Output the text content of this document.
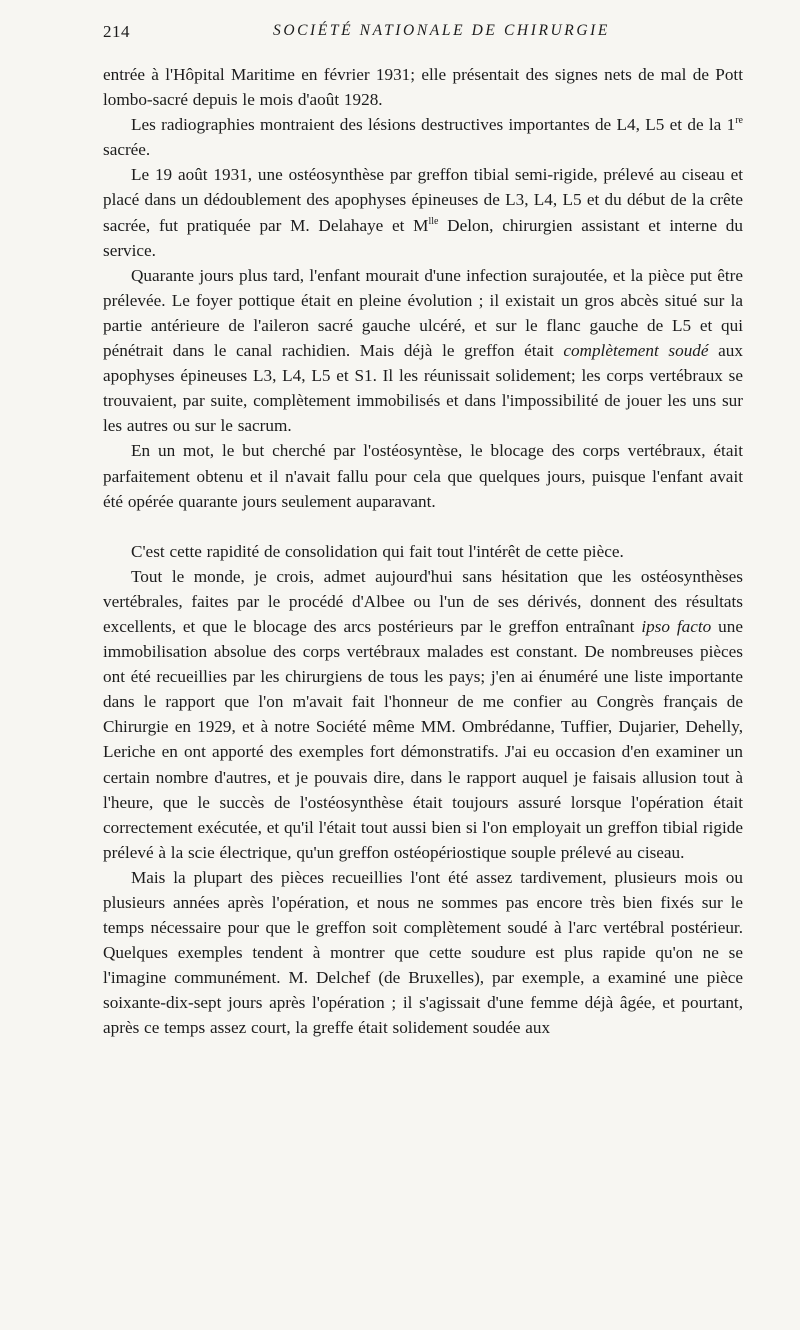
214	SOCIÉTÉ NATIONALE DE CHIRURGIE

entrée à l'Hôpital Maritime en février 1931; elle présentait des signes nets de mal de Pott lombo-sacré depuis le mois d'août 1928.

Les radiographies montraient des lésions destructives importantes de L4, L5 et de la 1re sacrée.

Le 19 août 1931, une ostéosynthèse par greffon tibial semi-rigide, prélevé au ciseau et placé dans un dédoublement des apophyses épineuses de L3, L4, L5 et du début de la crête sacrée, fut pratiquée par M. Delahaye et $M^{lle}$ Delon, chirurgien assistant et interne du service.

Quarante jours plus tard, l'enfant mourait d'une infection surajoutée, et la pièce put être prélevée. Le foyer pottique était en pleine évolution ; il existait un gros abcès situé sur la partie antérieure de l'aileron sacré gauche ulcéré, et sur le flanc gauche de L5 et qui pénétrait dans le canal rachidien. Mais déjà le greffon était complètement soudé aux apophyses épineuses L3, L4, L5 et S1. Il les réunissait solidement; les corps vertébraux se trouvaient, par suite, complètement immobilisés et dans l'impossibilité de jouer les uns sur les autres ou sur le sacrum.

En un mot, le but cherché par l'ostéosyntèse, le blocage des corps vertébraux, était parfaitement obtenu et il n'avait fallu pour cela que quelques jours, puisque l'enfant avait été opérée quarante jours seulement auparavant.

C'est cette rapidité de consolidation qui fait tout l'intérêt de cette pièce.

Tout le monde, je crois, admet aujourd'hui sans hésitation que les ostéosynthèses vertébrales, faites par le procédé d'Albee ou l'un de ses dérivés, donnent des résultats excellents, et que le blocage des arcs postérieurs par le greffon entraînant ipso facto une immobilisation absolue des corps vertébraux malades est constant. De nombreuses pièces ont été recueillies par les chirurgiens de tous les pays; j'en ai énuméré une liste importante dans le rapport que l'on m'avait fait l'honneur de me confier au Congrès français de Chirurgie en 1929, et à notre Société même MM. Ombrédanne, Tuffier, Dujarier, Dehelly, Leriche en ont apporté des exemples fort démonstratifs. J'ai eu occasion d'en examiner un certain nombre d'autres, et je pouvais dire, dans le rapport auquel je faisais allusion tout à l'heure, que le succès de l'ostéosynthèse était toujours assuré lorsque l'opération était correctement exécutée, et qu'il l'était tout aussi bien si l'on employait un greffon tibial rigide prélevé à la scie électrique, qu'un greffon ostéopériostique souple prélevé au ciseau.

Mais la plupart des pièces recueillies l'ont été assez tardivement, plusieurs mois ou plusieurs années après l'opération, et nous ne sommes pas encore très bien fixés sur le temps nécessaire pour que le greffon soit complètement soudé à l'arc vertébral postérieur. Quelques exemples tendent à montrer que cette soudure est plus rapide qu'on ne se l'imagine communément. M. Delchef (de Bruxelles), par exemple, a examiné une pièce soixante-dix-sept jours après l'opération ; il s'agissait d'une femme déjà âgée, et pourtant, après ce temps assez court, la greffe était solidement soudée aux
